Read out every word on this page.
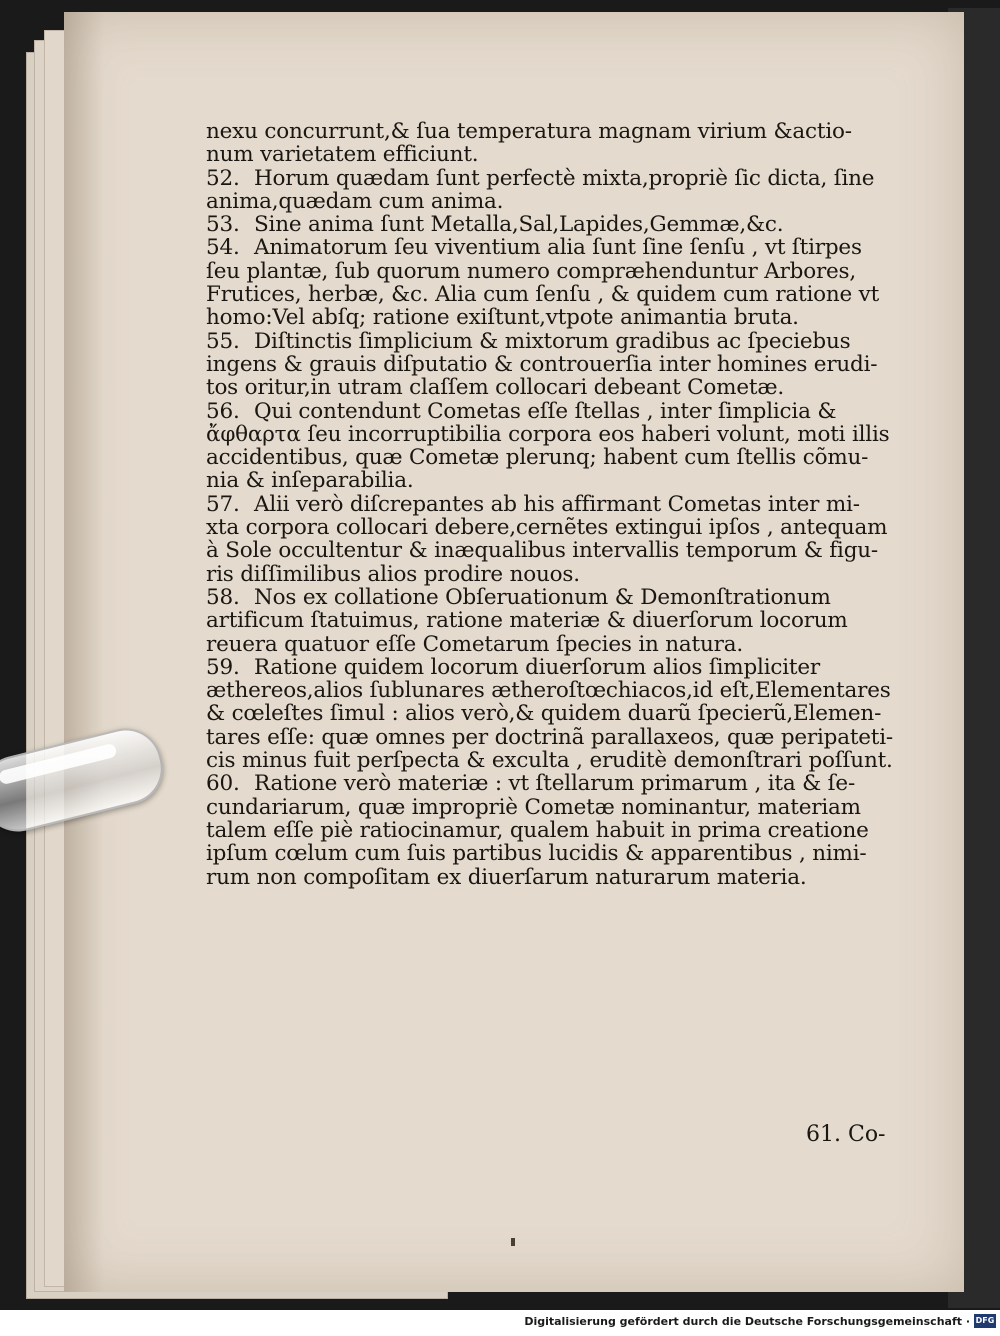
nexu concurrunt,& ſua temperatura magnam virium &actio-
num varietatem efficiunt.
52. Horum quædam ſunt perfectè mixta,propriè ſic dicta, ſine
anima,quædam cum anima.
53. Sine anima ſunt Metalla,Sal,Lapides,Gemmæ,&c.
54. Animatorum ſeu viventium alia ſunt ſine ſenſu , vt ſtirpes
ſeu plantæ, ſub quorum numero compræhenduntur Arbores,
Frutices, herbæ, &c. Alia cum ſenſu , & quidem cum ratione vt
homo:Vel abſq; ratione exiſtunt,vtpote animantia bruta.
55. Diſtinctis ſimplicium & mixtorum gradibus ac ſpeciebus
ingens & grauis diſputatio & controuerſia inter homines erudi-
tos oritur,in utram claſſem collocari debeant Cometæ.
56. Qui contendunt Cometas eſſe ſtellas , inter ſimplicia &
ἄφθαρτα ſeu incorruptibilia corpora eos haberi volunt, moti illis
accidentibus, quæ Cometæ plerunq; habent cum ſtellis cõmu-
nia & inſeparabilia.
57. Alii verò diſcrepantes ab his affirmant Cometas inter mi-
xta corpora collocari debere,cernẽtes extingui ipſos , antequam
à Sole occultentur & inæqualibus intervallis temporum & figu-
ris diſſimilibus alios prodire nouos.
58. Nos ex collatione Obſeruationum & Demonſtrationum
artificum ſtatuimus, ratione materiæ & diuerſorum locorum
reuera quatuor eſſe Cometarum ſpecies in natura.
59. Ratione quidem locorum diuerſorum alios ſimpliciter
æthereos,alios ſublunares ætheroſtœchiacos,id eſt,Elementares
& cœleſtes ſimul : alios verò,& quidem duarũ ſpecierũ,Elemen-
tares eſſe: quæ omnes per doctrinã parallaxeos, quæ peripateti-
cis minus fuit perſpecta & exculta , eruditè demonſtrari poſſunt.
60. Ratione verò materiæ : vt ſtellarum primarum , ita & ſe-
cundariarum, quæ impropriè Cometæ nominantur, materiam
talem eſſe piè ratiocinamur, qualem habuit in prima creatione
ipſum cœlum cum ſuis partibus lucidis & apparentibus , nimi-
rum non compoſitam ex diuerſarum naturarum materia.
61. Co-
Digitalisierung gefördert durch die Deutsche Forschungsgemeinschaft · DFG
